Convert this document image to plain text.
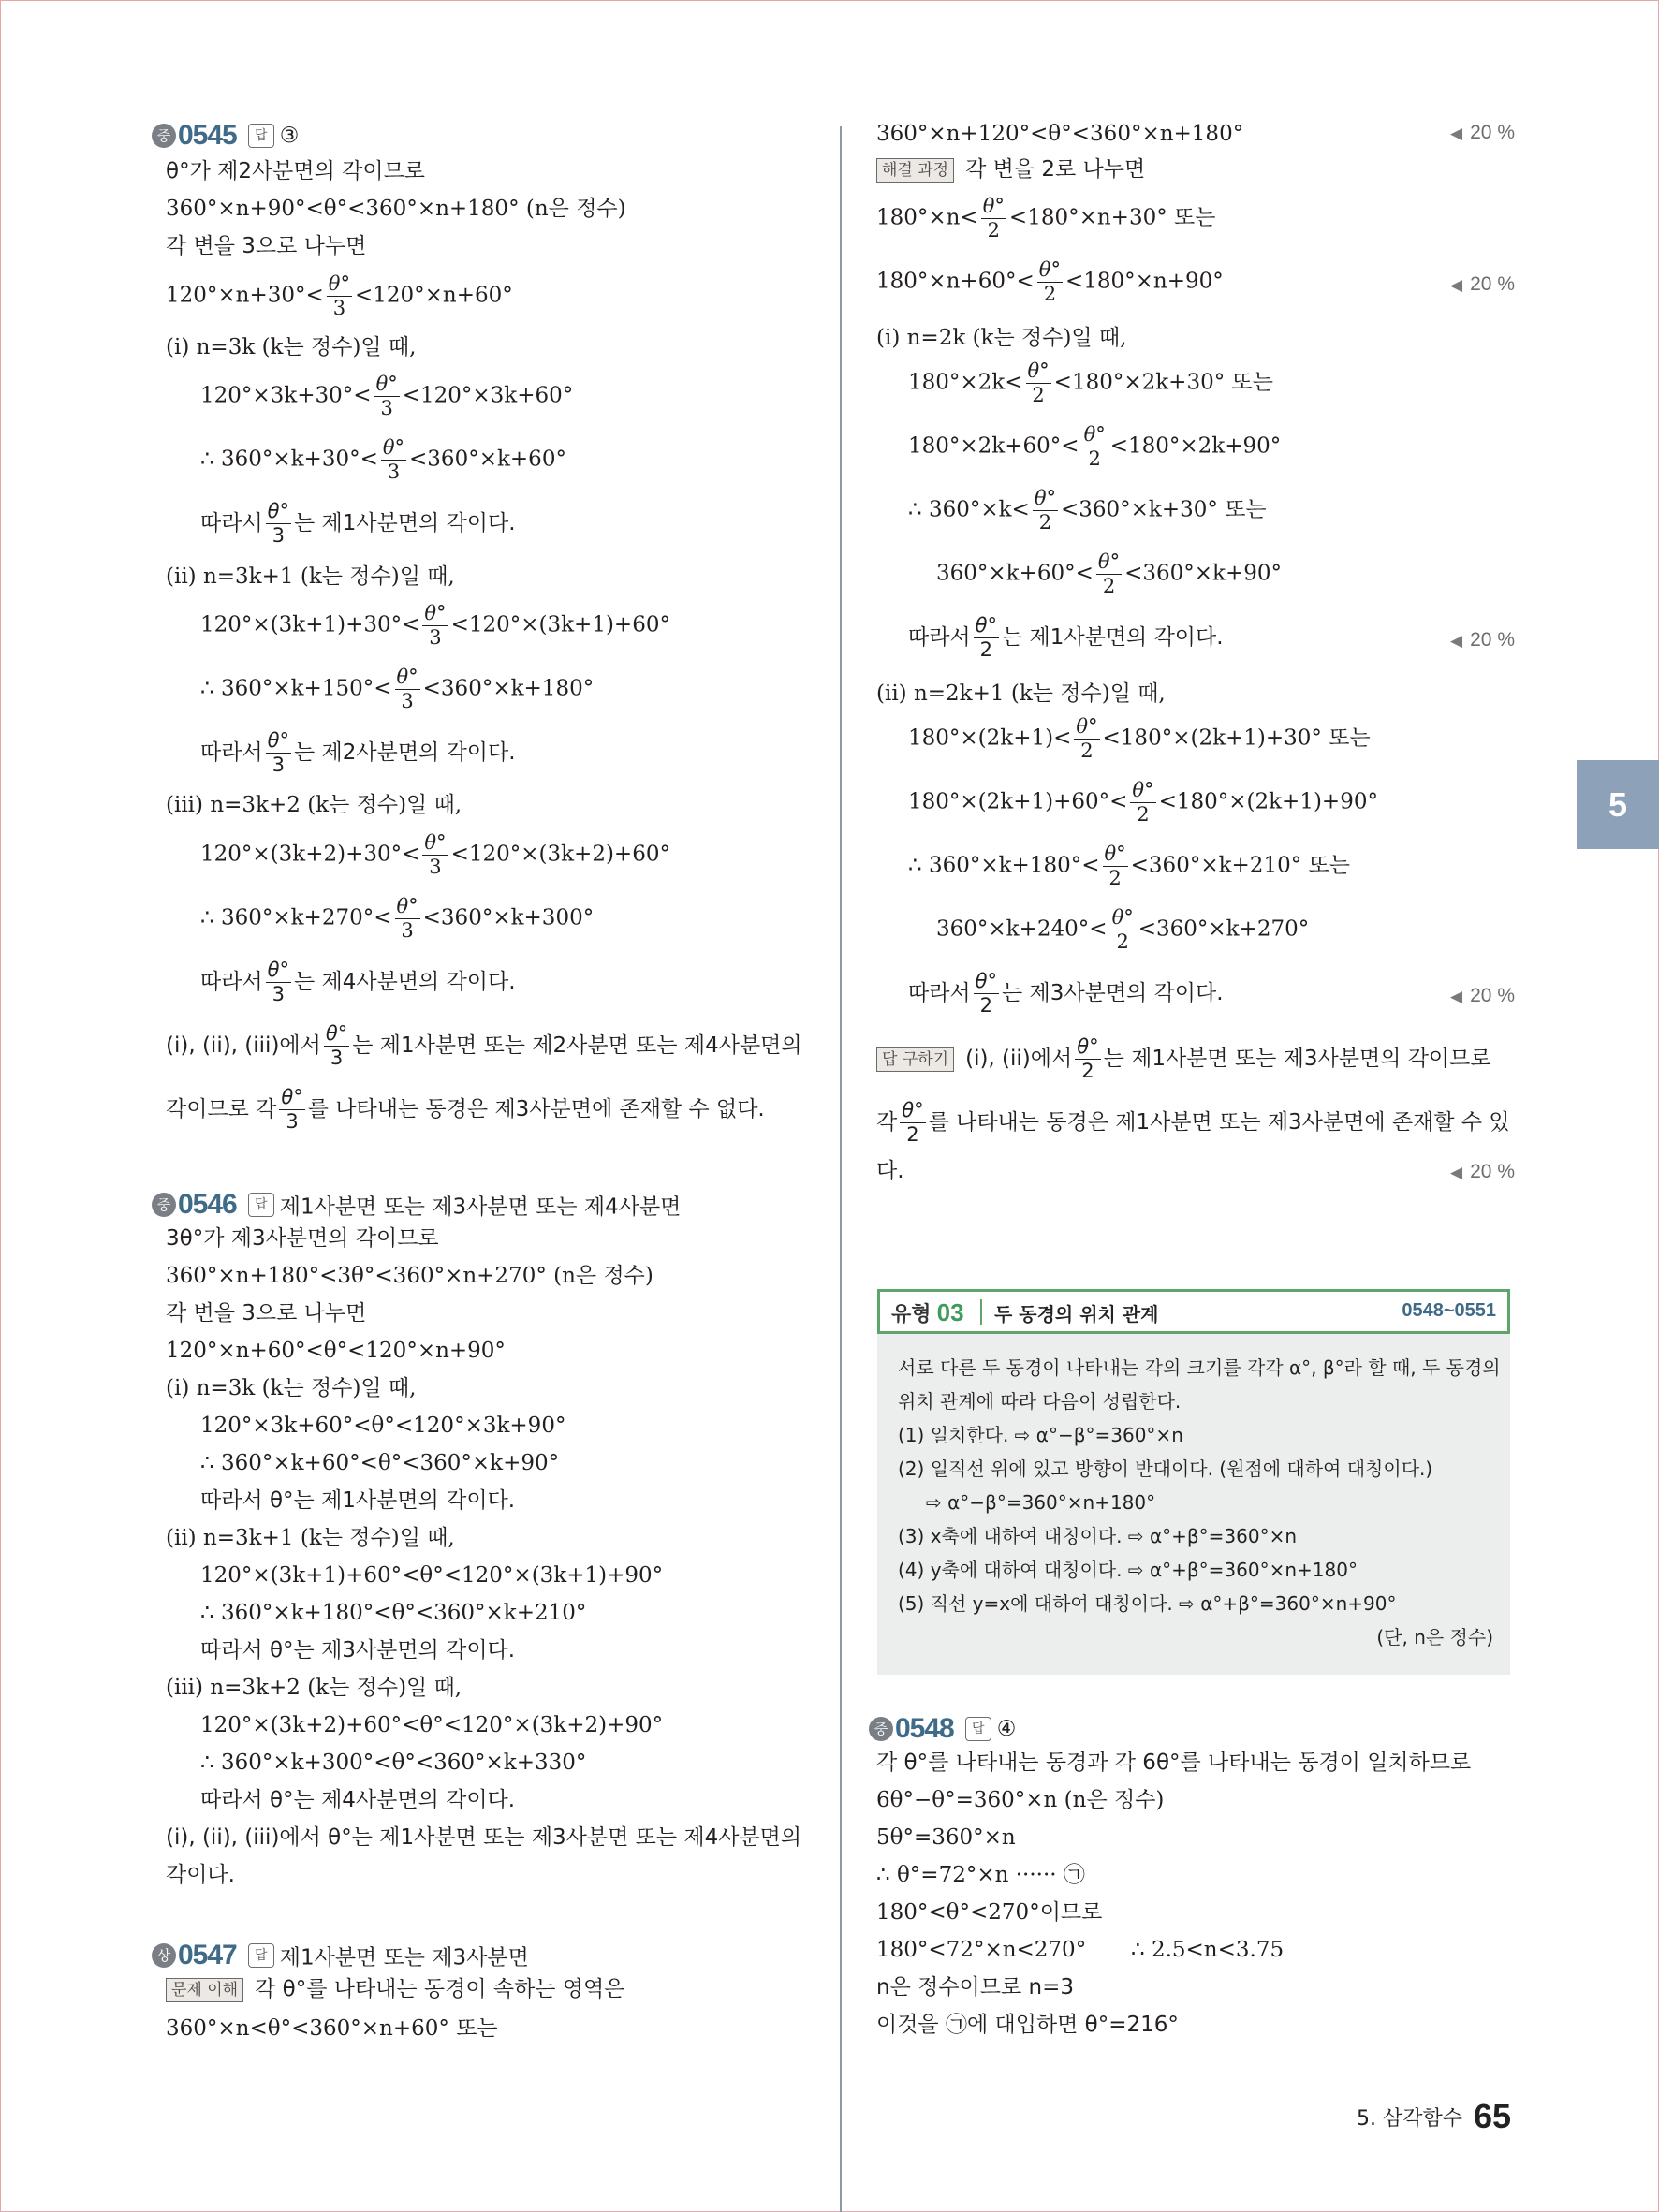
5
중 0545 답 ③
θ°가 제2사분면의 각이므로
360°×n+90°<θ°<360°×n+180° (n은 정수)
각 변을 3으로 나누면
$120^\circ\times n+30^\circ< \frac{\theta^\circ}{3} <120^\circ\times n+60^\circ$
(i) n=3k (k는 정수)일 때,
$120^\circ\times 3k+30^\circ< \frac{\theta^\circ}{3} <120^\circ\times 3k+60^\circ$
∴ $360^\circ\times k+30^\circ< \frac{\theta^\circ}{3} <360^\circ\times k+60^\circ$
따라서 $\frac{\theta^\circ}{3}$ 는 제1사분면의 각이다.
(ii) n=3k+1 (k는 정수)일 때,
$120^\circ\times(3k+1)+30^\circ< \frac{\theta^\circ}{3} <120^\circ\times(3k+1)+60^\circ$
∴ $360^\circ\times k+150^\circ< \frac{\theta^\circ}{3} <360^\circ\times k+180^\circ$
따라서 $\frac{\theta^\circ}{3}$ 는 제2사분면의 각이다.
(iii) n=3k+2 (k는 정수)일 때,
$120^\circ\times(3k+2)+30^\circ< \frac{\theta^\circ}{3} <120^\circ\times(3k+2)+60^\circ$
∴ $360^\circ\times k+270^\circ< \frac{\theta^\circ}{3} <360^\circ\times k+300^\circ$
따라서 $\frac{\theta^\circ}{3}$ 는 제4사분면의 각이다.
(i), (ii), (iii)에서 $\frac{\theta^\circ}{3}$ 는 제1사분면 또는 제2사분면 또는 제4사분면의
각이므로 각 $\frac{\theta^\circ}{3}$ 를 나타내는 동경은 제3사분면에 존재할 수 없다.
중 0546 답 제1사분면 또는 제3사분면 또는 제4사분면
3θ°가 제3사분면의 각이므로
360°×n+180°<3θ°<360°×n+270° (n은 정수)
각 변을 3으로 나누면
120°×n+60°<θ°<120°×n+90°
(i) n=3k (k는 정수)일 때,
120°×3k+60°<θ°<120°×3k+90°
∴ 360°×k+60°<θ°<360°×k+90°
따라서 θ°는 제1사분면의 각이다.
(ii) n=3k+1 (k는 정수)일 때,
120°×(3k+1)+60°<θ°<120°×(3k+1)+90°
∴ 360°×k+180°<θ°<360°×k+210°
따라서 θ°는 제3사분면의 각이다.
(iii) n=3k+2 (k는 정수)일 때,
120°×(3k+2)+60°<θ°<120°×(3k+2)+90°
∴ 360°×k+300°<θ°<360°×k+330°
따라서 θ°는 제4사분면의 각이다.
(i), (ii), (iii)에서 θ°는 제1사분면 또는 제3사분면 또는 제4사분면의
각이다.
상 0547 답 제1사분면 또는 제3사분면
문제 이해 각 θ°를 나타내는 동경이 속하는 영역은
360°×n<θ°<360°×n+60° 또는
360°×n+120°<θ°<360°×n+180°	◀ 20 %
해결 과정 각 변을 2로 나누면
$180^\circ\times n< \frac{\theta^\circ}{2} <180^\circ\times n+30^\circ$ 또는
$180^\circ\times n+60^\circ< \frac{\theta^\circ}{2} <180^\circ\times n+90^\circ$	◀ 20 %
(i) n=2k (k는 정수)일 때,
$180^\circ\times 2k< \frac{\theta^\circ}{2} <180^\circ\times 2k+30^\circ$ 또는
$180^\circ\times 2k+60^\circ< \frac{\theta^\circ}{2} <180^\circ\times 2k+90^\circ$
∴ $360^\circ\times k< \frac{\theta^\circ}{2} <360^\circ\times k+30^\circ$ 또는
$360^\circ\times k+60^\circ< \frac{\theta^\circ}{2} <360^\circ\times k+90^\circ$
따라서 $\frac{\theta^\circ}{2}$ 는 제1사분면의 각이다.	◀ 20 %
(ii) n=2k+1 (k는 정수)일 때,
$180^\circ\times(2k+1)< \frac{\theta^\circ}{2} <180^\circ\times(2k+1)+30^\circ$ 또는
$180^\circ\times(2k+1)+60^\circ< \frac{\theta^\circ}{2} <180^\circ\times(2k+1)+90^\circ$
∴ $360^\circ\times k+180^\circ< \frac{\theta^\circ}{2} <360^\circ\times k+210^\circ$ 또는
$360^\circ\times k+240^\circ< \frac{\theta^\circ}{2} <360^\circ\times k+270^\circ$
따라서 $\frac{\theta^\circ}{2}$ 는 제3사분면의 각이다.	◀ 20 %
답 구하기 (i), (ii)에서 $\frac{\theta^\circ}{2}$ 는 제1사분면 또는 제3사분면의 각이므로
각 $\frac{\theta^\circ}{2}$ 를 나타내는 동경은 제1사분면 또는 제3사분면에 존재할 수 있
다.	◀ 20 %
유형 03 두 동경의 위치 관계	0548~0551
서로 다른 두 동경이 나타내는 각의 크기를 각각 α°, β°라 할 때, 두 동경의
위치 관계에 따라 다음이 성립한다.
(1) 일치한다. ⇨ α°−β°=360°×n
(2) 일직선 위에 있고 방향이 반대이다. (원점에 대하여 대칭이다.)
⇨ α°−β°=360°×n+180°
(3) x축에 대하여 대칭이다. ⇨ α°+β°=360°×n
(4) y축에 대하여 대칭이다. ⇨ α°+β°=360°×n+180°
(5) 직선 y=x에 대하여 대칭이다. ⇨ α°+β°=360°×n+90°
(단, n은 정수)
중 0548 답 ④
각 θ°를 나타내는 동경과 각 6θ°를 나타내는 동경이 일치하므로
6θ°−θ°=360°×n (n은 정수)
5θ°=360°×n
∴ θ°=72°×n ······ ㉠
180°<θ°<270°이므로
180°<72°×n<270° ∴ 2.5<n<3.75
n은 정수이므로 n=3
이것을 ㉠에 대입하면 θ°=216°
5. 삼각함수 65
